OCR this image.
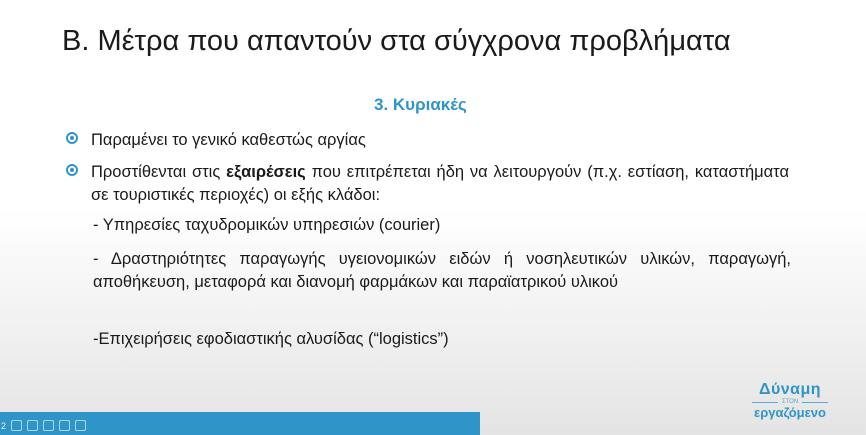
Β. Μέτρα που απαντούν στα σύγχρονα προβλήματα
3. Κυριακές
Παραμένει το γενικό καθεστώς αργίας
Προστίθενται στις εξαιρέσεις που επιτρέπεται ήδη να λειτουργούν (π.χ. εστίαση, καταστήματα σε τουριστικές περιοχές) οι εξής κλάδοι:
- Υπηρεσίες ταχυδρομικών υπηρεσιών (courier)
- Δραστηριότητες παραγωγής υγειονομικών ειδών ή νοσηλευτικών υλικών, παραγωγή, αποθήκευση, μεταφορά και διανομή φαρμάκων και παραϊατρικού υλικού
-Επιχειρήσεις εφοδιαστικής αλυσίδας (“logistics”)
Δύναμη
ΣΤΟΝ
εργαζόμενο
2
